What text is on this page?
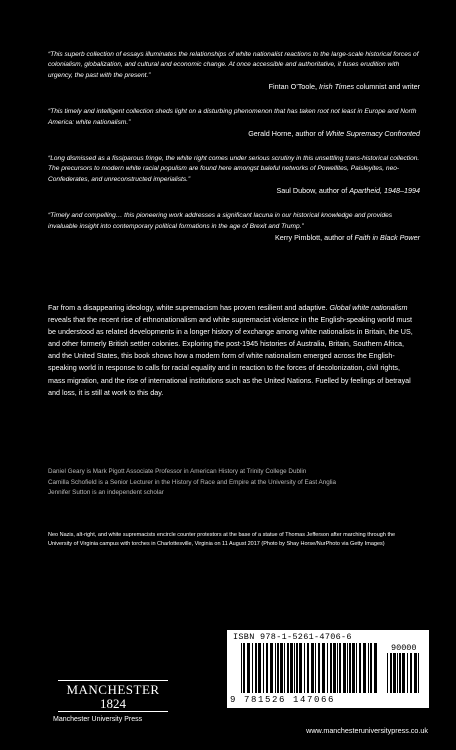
“This superb collection of essays illuminates the relationships of white nationalist reactions to the large-scale historical forces of colonialism, globalization, and cultural and economic change. At once accessible and authoritative, it fuses erudition with urgency, the past with the present.”
Fintan O’Toole, Irish Times columnist and writer
“This timely and intelligent collection sheds light on a disturbing phenomenon that has taken root not least in Europe and North America: white nationalism.”
Gerald Horne, author of White Supremacy Confronted
“Long dismissed as a fissiparous fringe, the white right comes under serious scrutiny in this unsettling trans-historical collection. The precursors to modern white racial populism are found here amongst baleful networks of Powellites, Paisleyites, neo-Confederates, and unreconstructed imperialists.”
Saul Dubow, author of Apartheid, 1948–1994
“Timely and compelling… this pioneering work addresses a significant lacuna in our historical knowledge and provides invaluable insight into contemporary political formations in the age of Brexit and Trump.”
Kerry Pimblott, author of Faith in Black Power
Far from a disappearing ideology, white supremacism has proven resilient and adaptive. Global white nationalism reveals that the recent rise of ethnonationalism and white supremacist violence in the English-speaking world must be understood as related developments in a longer history of exchange among white nationalists in Britain, the US, and other formerly British settler colonies. Exploring the post-1945 histories of Australia, Britain, Southern Africa, and the United States, this book shows how a modern form of white nationalism emerged across the English-speaking world in response to calls for racial equality and in reaction to the forces of decolonization, civil rights, mass migration, and the rise of international institutions such as the United Nations. Fuelled by feelings of betrayal and loss, it is still at work to this day.
Daniel Geary is Mark Pigott Associate Professor in American History at Trinity College Dublin
Camilla Schofield is a Senior Lecturer in the History of Race and Empire at the University of East Anglia
Jennifer Sutton is an independent scholar
Neo Nazis, alt-right, and white supremacists encircle counter protestors at the base of a statue of Thomas Jefferson after marching through the University of Virginia campus with torches in Charlottesville, Virginia on 11 August 2017 (Photo by Shay Horse/NurPhoto via Getty Images)
MANCHESTER
1824
Manchester University Press
ISBN 978-1-5261-4706-6
90000
9 781526 147066
www.manchesteruniversitypress.co.uk
